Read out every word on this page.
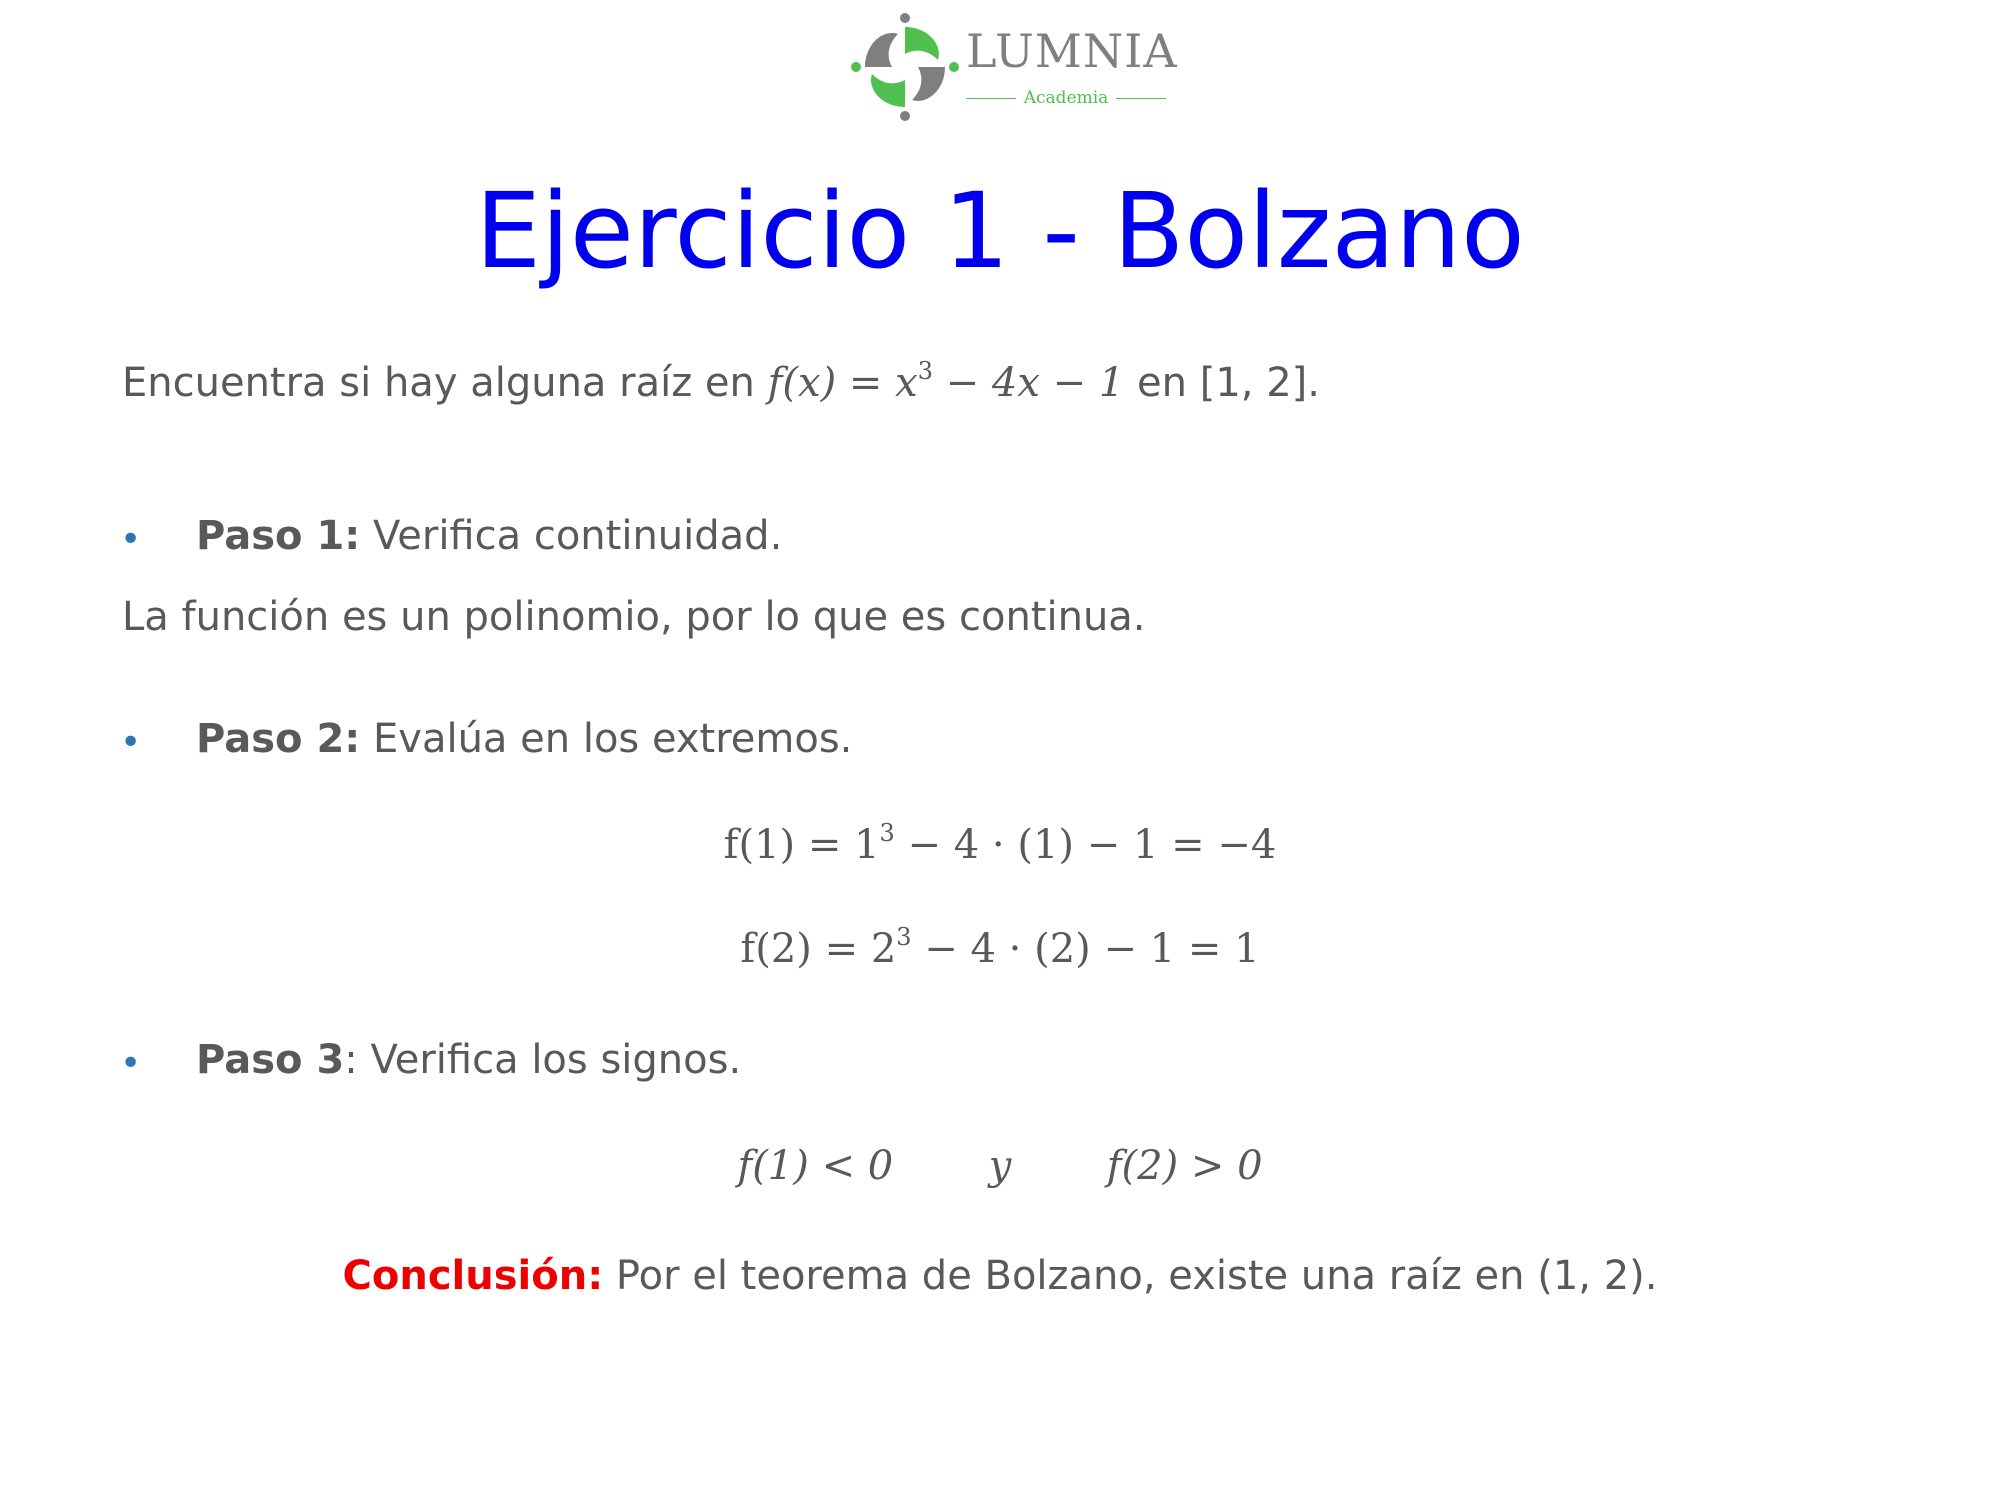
LUMNIA
Academia
Ejercicio 1 - Bolzano
Encuentra si hay alguna raíz en $f(x) = x^3 - 4x - 1$ en [1, 2].
• Paso 1: Verifica continuidad.
La función es un polinomio, por lo que es continua.
• Paso 2: Evalúa en los extremos.
$f(1) = 1^3 - 4 \cdot (1) - 1 = -4$
$f(2) = 2^3 - 4 \cdot (2) - 1 = 1$
• Paso 3: Verifica los signos.
f(1) < 0 y f(2) > 0
Conclusión: Por el teorema de Bolzano, existe una raíz en (1, 2).
